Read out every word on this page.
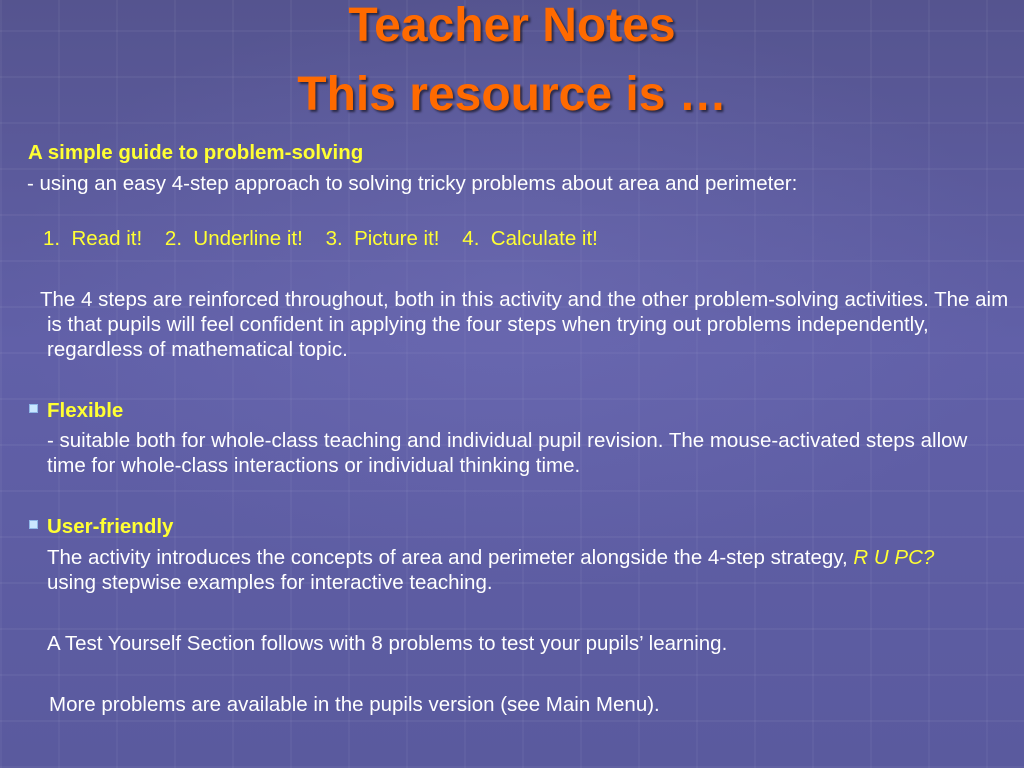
Teacher Notes
This resource is …

A simple guide to problem-solving

- using an easy 4-step approach to solving tricky problems about area and perimeter:

1.  Read it!    2.  Underline it!    3.  Picture it!    4.  Calculate it!

The 4 steps are reinforced throughout, both in this activity and the other problem-solving activities. The aim is that pupils will feel confident in applying the four steps when trying out problems independently, regardless of mathematical topic.

Flexible

- suitable both for whole-class teaching and individual pupil revision. The mouse-activated steps allow time for whole-class interactions or individual thinking time.

User-friendly

The activity introduces the concepts of area and perimeter alongside the 4-step strategy, R U PC? using stepwise examples for interactive teaching.

A Test Yourself Section follows with 8 problems to test your pupils’ learning.

More problems are available in the pupils version (see Main Menu).
